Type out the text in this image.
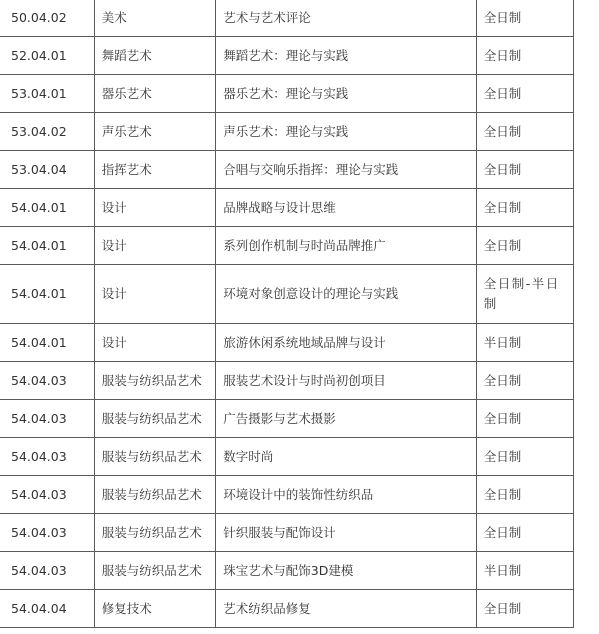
50.04.02	美术	艺术与艺术评论	全日制
52.04.01	舞蹈艺术	舞蹈艺术：理论与实践	全日制
53.04.01	器乐艺术	器乐艺术：理论与实践	全日制
53.04.02	声乐艺术	声乐艺术：理论与实践	全日制
53.04.04	指挥艺术	合唱与交响乐指挥：理论与实践	全日制
54.04.01	设计	品牌战略与设计思维	全日制
54.04.01	设计	系列创作机制与时尚品牌推广	全日制
54.04.01	设计	环境对象创意设计的理论与实践	全日制-半日制
54.04.01	设计	旅游休闲系统地域品牌与设计	半日制
54.04.03	服装与纺织品艺术	服装艺术设计与时尚初创项目	全日制
54.04.03	服装与纺织品艺术	广告摄影与艺术摄影	全日制
54.04.03	服装与纺织品艺术	数字时尚	全日制
54.04.03	服装与纺织品艺术	环境设计中的装饰性纺织品	全日制
54.04.03	服装与纺织品艺术	针织服装与配饰设计	全日制
54.04.03	服装与纺织品艺术	珠宝艺术与配饰3D建模	半日制
54.04.04	修复技术	艺术纺织品修复	全日制
